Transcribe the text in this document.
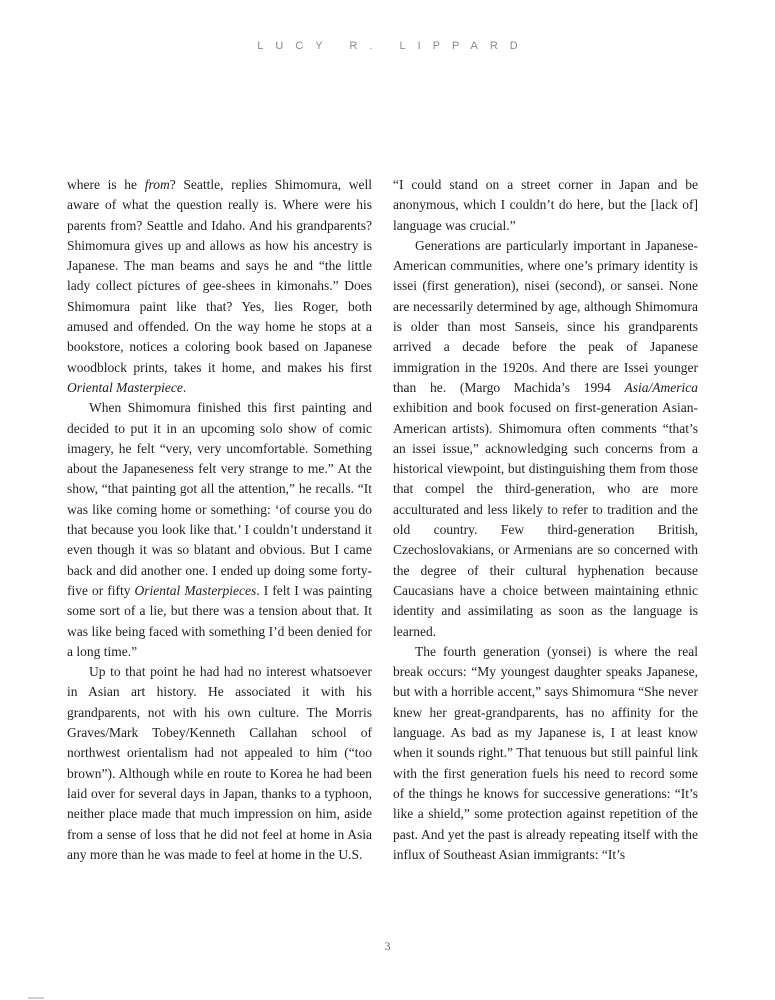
LUCY R. LIPPARD

where is he from? Seattle, replies Shimomura, well aware of what the question really is. Where were his parents from? Seattle and Idaho. And his grandparents? Shimomura gives up and allows as how his ancestry is Japanese. The man beams and says he and “the little lady collect pictures of gee-shees in kimonahs.” Does Shimomura paint like that? Yes, lies Roger, both amused and offended. On the way home he stops at a bookstore, notices a coloring book based on Japanese woodblock prints, takes it home, and makes his first Oriental Masterpiece.

When Shimomura finished this first painting and decided to put it in an upcoming solo show of comic imagery, he felt “very, very uncomfortable. Something about the Japaneseness felt very strange to me.” At the show, “that painting got all the attention,” he recalls. “It was like coming home or something: ‘of course you do that because you look like that.’ I couldn’t understand it even though it was so blatant and obvious. But I came back and did another one. I ended up doing some forty-five or fifty Oriental Masterpieces. I felt I was painting some sort of a lie, but there was a tension about that. It was like being faced with something I’d been denied for a long time.”

Up to that point he had had no interest whatsoever in Asian art history. He associated it with his grandparents, not with his own culture. The Morris Graves/Mark Tobey/Kenneth Callahan school of northwest orientalism had not appealed to him (“too brown”). Although while en route to Korea he had been laid over for several days in Japan, thanks to a typhoon, neither place made that much impression on him, aside from a sense of loss that he did not feel at home in Asia any more than he was made to feel at home in the U.S.

“I could stand on a street corner in Japan and be anonymous, which I couldn’t do here, but the [lack of] language was crucial.”

Generations are particularly important in Japanese-American communities, where one’s primary identity is issei (first generation), nisei (second), or sansei. None are necessarily determined by age, although Shimomura is older than most Sanseis, since his grandparents arrived a decade before the peak of Japanese immigration in the 1920s. And there are Issei younger than he. (Margo Machida’s 1994 Asia/America exhibition and book focused on first-generation Asian-American artists). Shimomura often comments “that’s an issei issue,” acknowledging such concerns from a historical viewpoint, but distinguishing them from those that compel the third-generation, who are more acculturated and less likely to refer to tradition and the old country. Few third-generation British, Czechoslovakians, or Armenians are so concerned with the degree of their cultural hyphenation because Caucasians have a choice between maintaining ethnic identity and assimilating as soon as the language is learned.

The fourth generation (yonsei) is where the real break occurs: “My youngest daughter speaks Japanese, but with a horrible accent,” says Shimomura “She never knew her great-grandparents, has no affinity for the language. As bad as my Japanese is, I at least know when it sounds right.” That tenuous but still painful link with the first generation fuels his need to record some of the things he knows for successive generations: “It’s like a shield,” some protection against repetition of the past. And yet the past is already repeating itself with the influx of Southeast Asian immigrants: “It’s

3
